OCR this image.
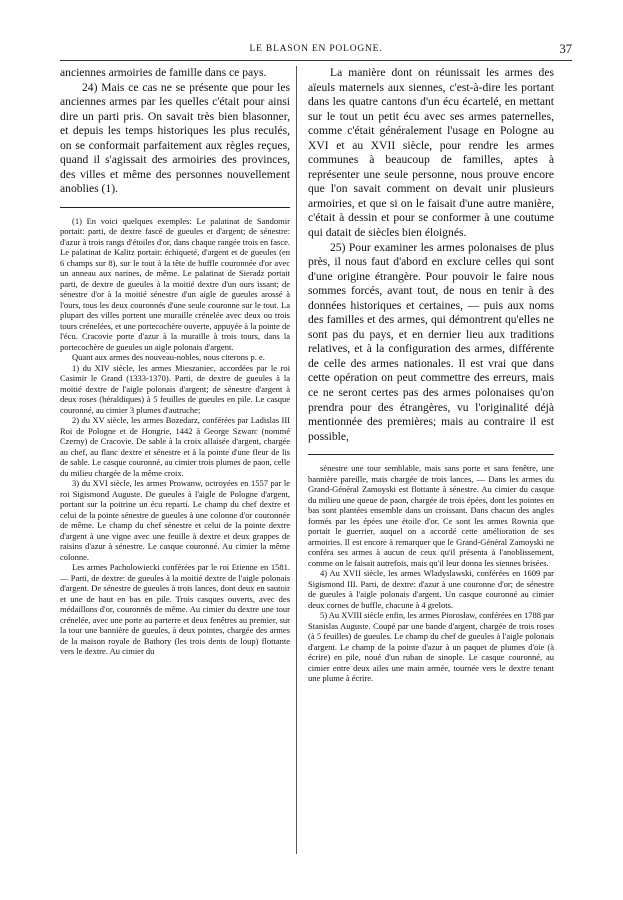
LE BLASON EN POLOGNE.	37

anciennes armoiries de famille dans ce pays.

24) Mais ce cas ne se présente que pour les anciennes armes par les quelles c'était pour ainsi dire un parti pris. On savait très bien blasonner, et depuis les temps historiques les plus reculés, on se conformait parfaitement aux règles reçues, quand il s'agissait des armoiries des provinces, des villes et même des personnes nouvellement anoblies (1).

(1) En voici quelques exemples: Le palatinat de Sandomir portait: parti, de dextre fascé de gueules et d'argent; de sénestre: d'azur à trois rangs d'étoiles d'or, dans chaque rangée trois en fasce. Le palatinat de Kalitz portait: échiqueté, d'argent et de gueules (en 6 champs sur 8), sur le tout à la tête de buffle couronnée d'or avec un anneau aux narines, de même. Le palatinat de Sieradz portait parti, de dextre de gueules à la moitié dextre d'un ours issant; de sénestre d'or à la moitié sénestre d'un aigle de gueules arossé à l'ours, tous les deux couronnés d'une seule couronne sur le tout. La plupart des villes portent une muraille crénelée avec deux ou trois tours crénelées, et une portecochère ouverte, appuyée à la pointe de l'écu. Cracovie porte d'azur à la muraille à trois tours, dans la portecochère de gueules un aigle polonais d'argent.

Quant aux armes des nouveau-nobles, nous citerons p. e.

1) du XIV siècle, les armes Mieszaniec, accordées par le roi Casimir le Grand (1333-1370). Parti, de dextre de gueules à la moitié dextre de l'aigle polonais d'argent; de sénestre d'argent à deux roses (héraldiques) à 5 feuilles de gueules en pile. Le casque couronné, au cimier 3 plumes d'autruche;

2) du XV siècle, les armes Bozedarz, conférées par Ladislas III Roi de Pologne et de Hongrie, 1442 à George Szwarc (nommé Czerny) de Cracovie. De sable à la croix allaisée d'argent, chargée au chef, au flanc dextre et sénestre et à la pointe d'une fleur de lis de sable. Le casque couronné, au cimier trois plumes de paon, celle du milieu chargée de la même croix.

3) du XVI siècle, les armes Prowanw, octroyées en 1557 par le roi Sigismond Auguste. De gueules à l'aigle de Pologne d'argent, portant sur la poitrine un écu reparti. Le champ du chef dextre et celui de la pointe sénestre de gueules à une colonne d'or couronnée de même. Le champ du chef sénestre et celui de la pointe dextre d'argent à une vigne avec une feuille à dextre et deux grappes de raisins d'azur à sénestre. Le casque couronné. Au cimier la même colonne.

Les armes Pacholowiecki conférées par le roi Etienne en 1581. — Parti, de dextre: de gueules à la moitié dextre de l'aigle polonais d'argent. De sénestre de gueules à trois lances, dont deux en sautoir et une de haut en bas en pile. Trois casques ouverts, avec des médaillons d'or, couronnés de même. Au cimier du dextre une tour crénelée, avec une porte au parterre et deux fenêtres au premier, sur la tour une bannière de gueules, à deux pointes, chargée des armes de la maison royale de Bathory (les trois dents de loup) flottante vers le dextre. Au cimier du

La manière dont on réunissait les armes des aïeuls maternels aux siennes, c'est-à-dire les portant dans les quatre cantons d'un écu écartelé, en mettant sur le tout un petit écu avec ses armes paternelles, comme c'était généralement l'usage en Pologne au XVI et au XVII siècle, pour rendre les armes communes à beaucoup de familles, aptes à représenter une seule personne, nous prouve encore que l'on savait comment on devait unir plusieurs armoiries, et que si on le faisait d'une autre manière, c'était à dessin et pour se conformer à une coutume qui datait de siècles bien éloignés.

25) Pour examiner les armes polonaises de plus près, il nous faut d'abord en exclure celles qui sont d'une origine étrangère. Pour pouvoir le faire nous sommes forcés, avant tout, de nous en tenir à des données historiques et certaines, — puis aux noms des familles et des armes, qui démontrent qu'elles ne sont pas du pays, et en dernier lieu aux traditions relatives, et à la configuration des armes, différente de celle des armes nationales. Il est vrai que dans cette opération on peut commettre des erreurs, mais ce ne seront certes pas des armes polonaises qu'on prendra pour des étrangères, vu l'originalité déjà mentionnée des premières; mais au contraire il est possible,

sénestre une tour semblable, mais sans porte et sans fenêtre, une bannière pareille, mais chargée de trois lances, — Dans les armes du Grand-Général Zamoyski est flottante à sénestre. Au cimier du casque du milieu une queue de paon, chargée de trois épées, dont les pointes en bas sont plantées ensemble dans un croissant. Dans chacun des angles formés par les épées une étoile d'or. Ce sont les armes Rownia que portait le guerrier, auquel on a accordé cette amélioration de ses armoiries. Il est encore à remarquer que le Grand-Général Zamoyski ne conféra ses armes à aucun de ceux qu'il présenta à l'anoblissement, comme on le faisait autrefois, mais qu'il leur donna les siennes brisées.

4) Au XVII siècle, les armes Wladyslawski, conférées en 1609 par Sigismond III. Parti, de dextre: d'azur à une couronne d'or; de sénestre de gueules à l'aigle polonais d'argent. Un casque couronné au cimier deux cornes de buffle, chacune à 4 grelots.

5) Au XVIII siècle enfin, les armes Piorosław, conférées en 1788 par Stanislas Auguste. Coupé par une bande d'argent, chargée de trois roses (à 5 feuilles) de gueules. Le champ du chef de gueules à l'aigle polonais d'argent. Le champ de la pointe d'azur à un paquet de plumes d'oie (à écrire) en pile, noué d'un ruban de sinople. Le casque couronné, au cimier entre deux ailes une main armée, tournée vers le dextre tenant une plume à écrire.
